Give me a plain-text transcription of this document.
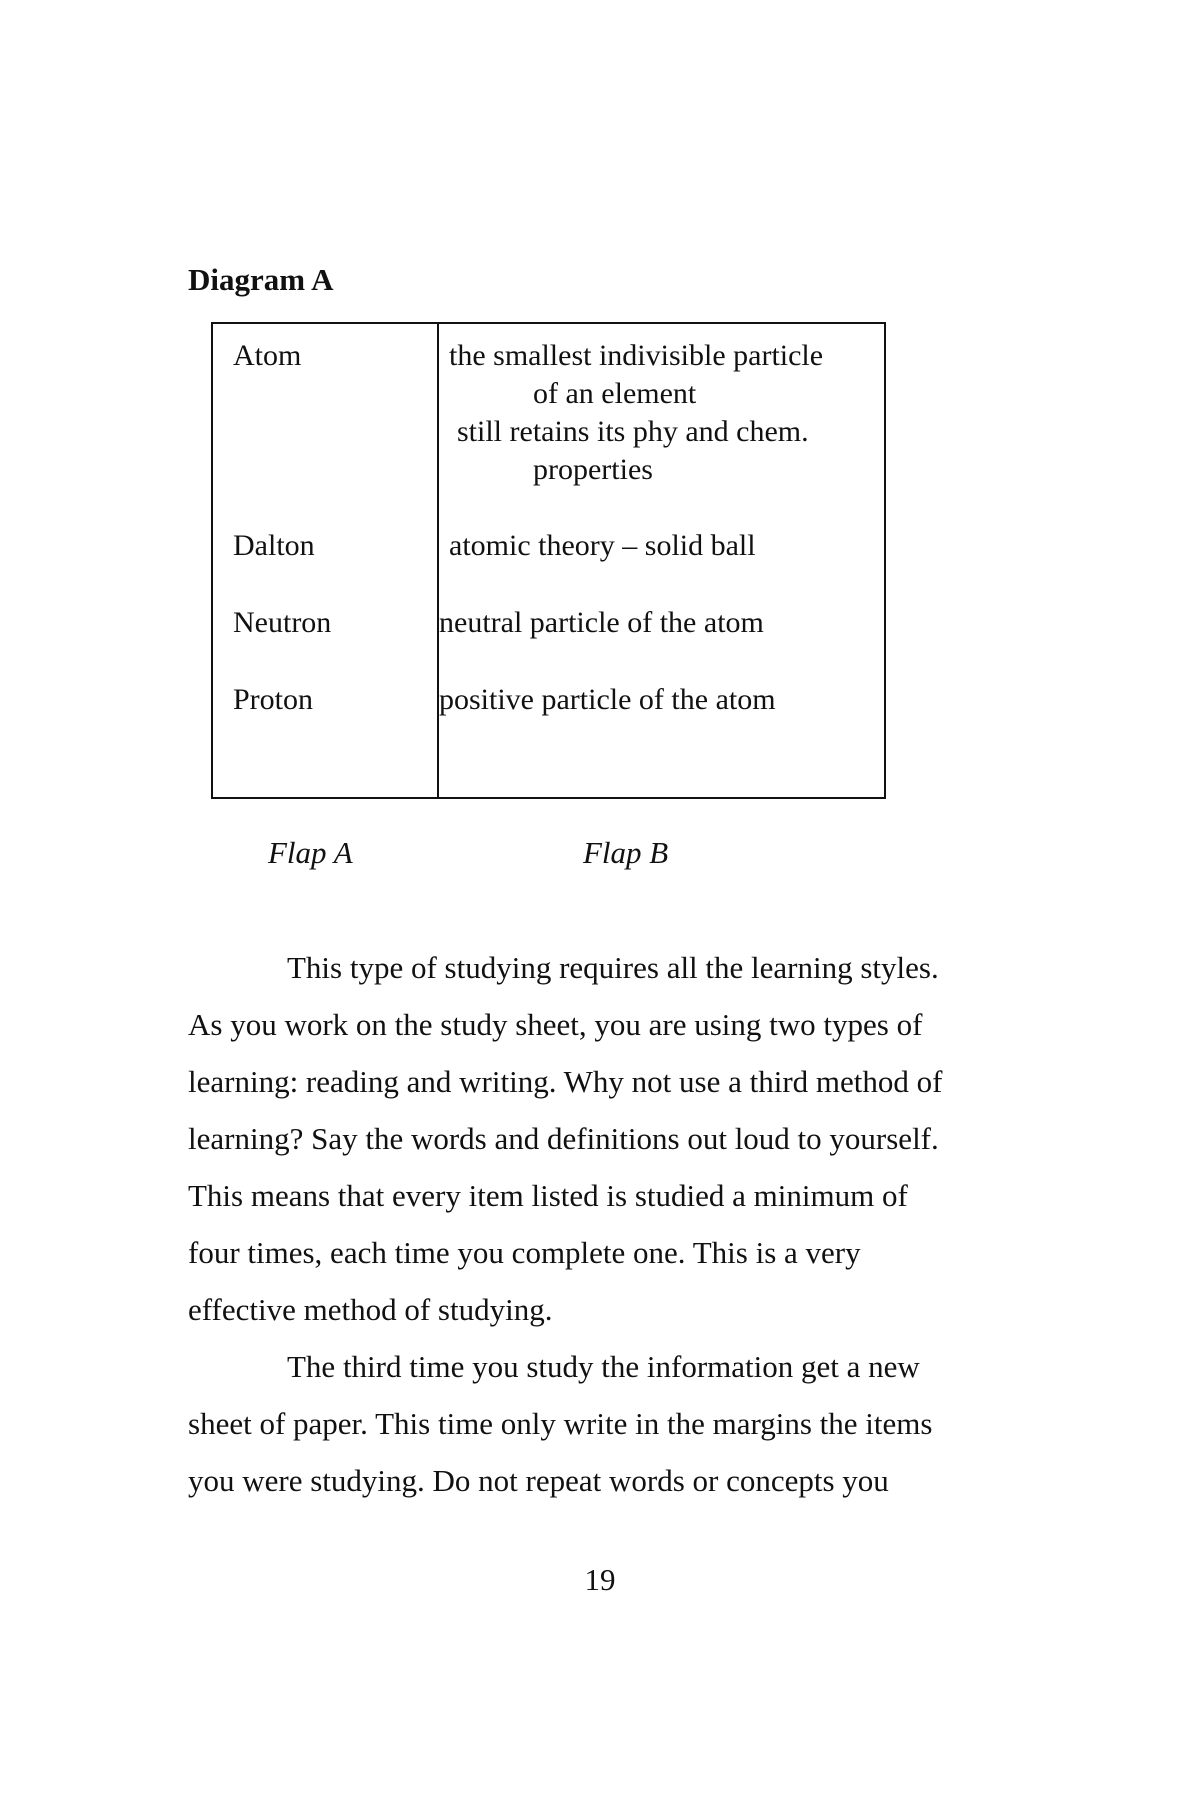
Diagram A
Atom	the smallest indivisible particle
of an element
still retains its phy and chem.
properties
Dalton	atomic theory – solid ball
Neutron	neutral particle of the atom
Proton	positive particle of the atom
Flap A	Flap B
This type of studying requires all the learning styles.
As you work on the study sheet, you are using two types of
learning: reading and writing. Why not use a third method of
learning? Say the words and definitions out loud to yourself.
This means that every item listed is studied a minimum of
four times, each time you complete one. This is a very
effective method of studying.
The third time you study the information get a new
sheet of paper. This time only write in the margins the items
you were studying. Do not repeat words or concepts you
19
